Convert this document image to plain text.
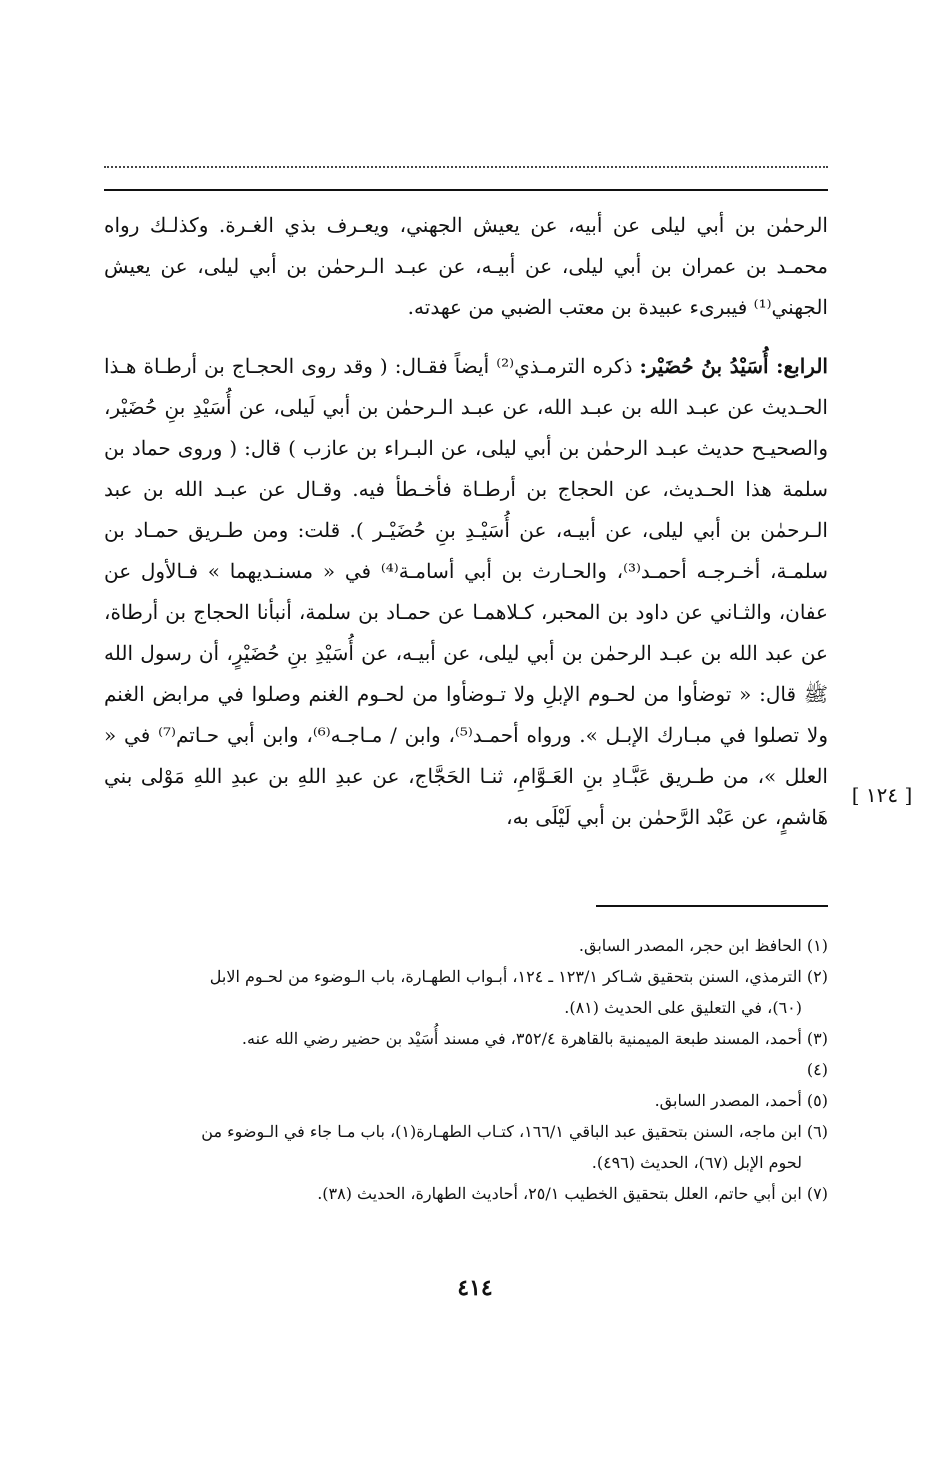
الرحمٰن بن أبي ليلى عن أبيه، عن يعيش الجهني، ويعـرف بذي الغـرة. وكذلـك رواه محمـد بن عمران بن أبي ليلى، عن أبيـه، عن عبـد الـرحمٰن بن أبي ليلى، عن يعيش الجهني⁽¹⁾ فيبرىء عبيدة بن معتب الضبي من عهدته.

الرابع: أُسَيْدُ بنُ حُضَيْر: ذكره الترمـذي⁽²⁾ أيضاً فقـال: ( وقد روى الحجـاج بن أرطـاة هـذا الحـديث عن عبـد الله بن عبـد الله، عن عبـد الـرحمٰن بن أبي لَيلى، عن أُسَيْدِ بنِ حُضَيْر، والصحيـح حديث عبـد الرحمٰن بن أبي ليلى، عن البـراء بن عازب ) قال: ( وروى حماد بن سلمة هذا الحـديث، عن الحجاج بن أرطـاة فأخـطأ فيه. وقـال عن عبـد الله بن عبد الـرحمٰن بن أبي ليلى، عن أبيـه، عن أُسَيْـدِ بنِ حُضَيْـر ). قلت: ومن طـريق حمـاد بن سلمـة، أخـرجـه أحمـد⁽³⁾، والحـارث بن أبي أسامـة⁽⁴⁾ في « مسنـديهما » فـالأول عن عفان، والثـاني عن داود بن المحبر، كـلاهمـا عن حمـاد بن سلمة، أنبأنا الحجاج بن أرطاة، عن عبد الله بن عبـد الرحمٰن بن أبي ليلى، عن أبيـه، عن أُسَيْدِ بنِ حُضَيْرٍ، أن رسول الله ﷺ قال: « توضأوا من لحـوم الإبلِ ولا تـوضأوا من لحـوم الغنم وصلوا في مرابض الغنم ولا تصلوا في مبـارك الإبـل ». ورواه أحمـد⁽⁵⁾، وابن / مـاجـه⁽⁶⁾، وابن أبي حـاتم⁽⁷⁾ في « العلل »، من طـريق عَبَّـادِ بنِ العَـوَّامِ، ثنـا الحَجَّاج، عن عبدِ اللهِ بن عبدِ اللهِ مَوْلى بني هَاشمٍ، عن عَبْد الرَّحمٰن بن أبي لَيْلَى به،

[ ١٢٤ ]

(١) الحافظ ابن حجر، المصدر السابق.

(٢) الترمذي، السنن بتحقيق شـاكر ١٢٣/١ ـ ١٢٤، أبـواب الطهـارة، باب الـوضوء من لحـوم الابل
(٦٠)، في التعليق على الحديث (٨١).

(٣) أحمد، المسند طبعة الميمنية بالقاهرة ٣٥٢/٤، في مسند أُسَيْد بن حضير رضي الله عنه.

(٤)

(٥) أحمد، المصدر السابق.

(٦) ابن ماجه، السنن بتحقيق عبد الباقي ١٦٦/١، كتـاب الطهـارة(١)، باب مـا جاء في الـوضوء من
لحوم الإبل (٦٧)، الحديث (٤٩٦).

(٧) ابن أبي حاتم، العلل بتحقيق الخطيب ٢٥/١، أحاديث الطهارة، الحديث (٣٨).

٤١٤
